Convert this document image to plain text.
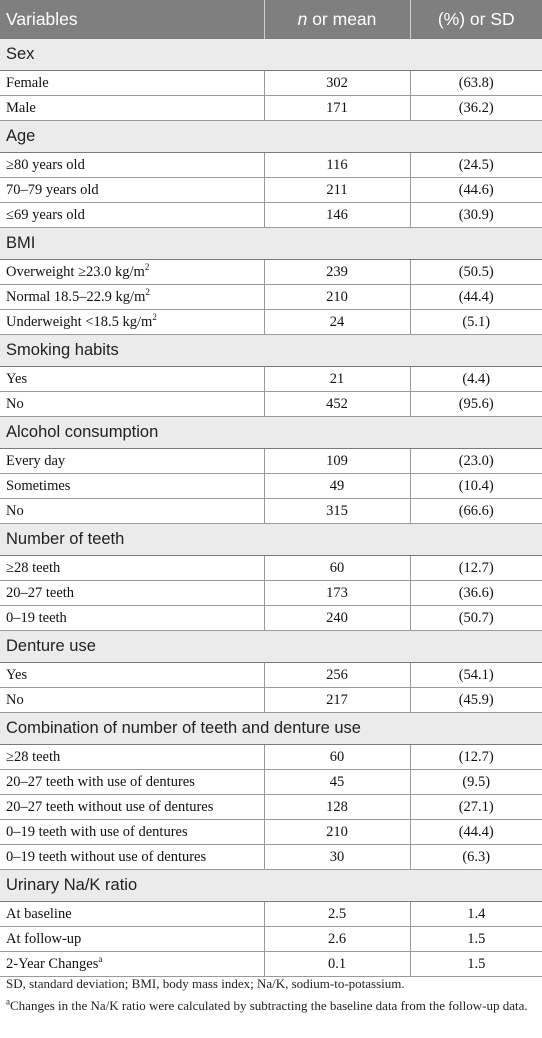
Variables	n or mean	(%) or SD
Sex		
Female	302	(63.8)
Male	171	(36.2)
Age		
≥80 years old	116	(24.5)
70–79 years old	211	(44.6)
≤69 years old	146	(30.9)
BMI		
Overweight ≥23.0 $kg/m^2$	239	(50.5)
Normal 18.5–22.9 $kg/m^2$	210	(44.4)
Underweight <18.5 $kg/m^2$	24	(5.1)
Smoking habits		
Yes	21	(4.4)
No	452	(95.6)
Alcohol consumption		
Every day	109	(23.0)
Sometimes	49	(10.4)
No	315	(66.6)
Number of teeth		
≥28 teeth	60	(12.7)
20–27 teeth	173	(36.6)
0–19 teeth	240	(50.7)
Denture use		
Yes	256	(54.1)
No	217	(45.9)
Combination of number of teeth and denture use		
≥28 teeth	60	(12.7)
20–27 teeth with use of dentures	45	(9.5)
20–27 teeth without use of dentures	128	(27.1)
0–19 teeth with use of dentures	210	(44.4)
0–19 teeth without use of dentures	30	(6.3)
Urinary Na/K ratio		
At baseline	2.5	1.4
At follow-up	2.6	1.5
2-Year Changes$^a$	0.1	1.5

SD, standard deviation; BMI, body mass index; Na/K, sodium-to-potassium.

$^a$Changes in the Na/K ratio were calculated by subtracting the baseline data from the follow-up data.
